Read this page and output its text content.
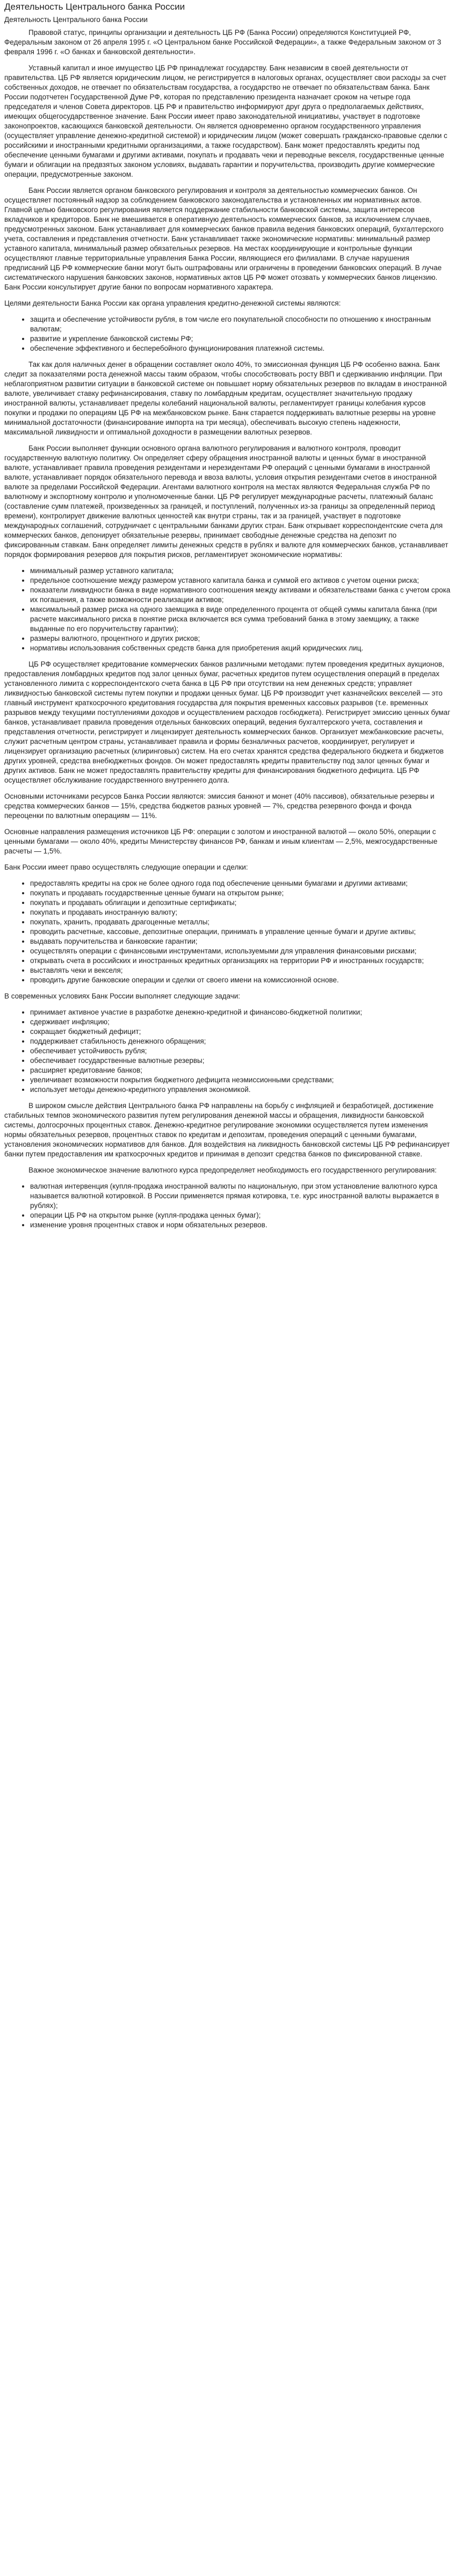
Деятельность Центрального банка России
Деятельность Центрального банка России

Правовой статус, принципы организации и деятельность ЦБ РФ (Банка России) определяются Конституцией РФ, Федеральным законом от 26 апреля 1995 г. «О Центральном банке Российской Федерации», а также Федеральным законом от 3 февраля 1996 г. «О банках и банковской деятельности».

Уставный капитал и иное имущество ЦБ РФ принадлежат государству. Банк независим в своей деятельности от правительства. ЦБ РФ является юридическим лицом, не регистрируется в налоговых органах, осуществляет свои расходы за счет собственных доходов, не отвечает по обязательствам государства, а государство не отвечает по обязательствам банка. Банк России подотчетен Государственной Думе РФ, которая по представлению президента назначает сроком на четыре года председателя и членов Совета директоров. ЦБ РФ и правительство информируют друг друга о предполагаемых действиях, имеющих общегосударственное значение. Банк России имеет право законодательной инициативы, участвует в подготовке законопроектов, касающихся банковской деятельности. Он является одновременно органом государственного управления (осуществляет управление денежно-кредитной системой) и юридическим лицом (может совершать гражданско-правовые сделки с российскими и иностранными кредитными организациями, а также государством). Банк может предоставлять кредиты под обеспечение ценными бумагами и другими активами, покупать и продавать чеки и переводные векселя, государственные ценные бумаги и облигации на предвзятых законом условиях, выдавать гарантии и поручительства, производить другие коммерческие операции, предусмотренные законом.

Банк России является органом банковского регулирования и контроля за деятельностью коммерческих банков. Он осуществляет постоянный надзор за соблюдением банковского законодательства и установленных им нормативных актов. Главной целью банковского регулирования является поддержание стабильности банковской системы, защита интересов вкладчиков и кредиторов. Банк не вмешивается в оперативную деятельность коммерческих банков, за исключением случаев, предусмотренных законом. Банк устанавливает для коммерческих банков правила ведения банковских операций, бухгалтерского учета, составления и представления отчетности. Банк устанавливает также экономические нормативы: минимальный размер уставного капитала, минимальный размер обязательных резервов. На местах координирующие и контрольные функции осуществляют главные территориальные управления Банка России, являющиеся его филиалами. В случае нарушения предписаний ЦБ РФ коммерческие банки могут быть оштрафованы или ограничены в проведении банковских операций. В лучае систематического нарушения банковских законов, нормативных актов ЦБ РФ может отозвать у коммерческих банков лицензию. Банк России консультирует другие банки по вопросам нормативного характера.

Целями деятельности Банка России как органа управления кредитно-денежной системы являются:

• защита и обеспечение устойчивости рубля, в том числе его покупательной способности по отношению к иностранным валютам;
• развитие и укрепление банковской системы РФ;
• обеспечение эффективного и бесперебойного функционирования платежной системы.

Так как доля наличных денег в обращении составляет около 40%, то эмиссионная функция ЦБ РФ особенно важна. Банк следит за показателями роста денежной массы таким образом, чтобы способствовать росту ВВП и сдерживанию инфляции. При неблагоприятном развитии ситуации в банковской системе он повышает норму обязательных резервов по вкладам в иностранной валюте, увеличивает ставку рефинансирования, ставку по ломбардным кредитам, осуществляет значительную продажу иностранной валюты, устанавливает пределы колебаний национальной валюты, регламентирует границы колебания курсов покупки и продажи по операциям ЦБ РФ на межбанковском рынке. Банк старается поддерживать валютные резервы на уровне минимальной достаточности (финансирование импорта на три месяца), обеспечивать высокую степень надежности, максимальной ликвидности и оптимальной доходности в размещении валютных резервов.

Банк России выполняет функции основного органа валютного регулирования и валютного контроля, проводит государственную валютную политику. Он определяет сферу обращения иностранной валюты и ценных бумаг в иностранной валюте, устанавливает правила проведения резидентами и нерезидентами РФ операций с ценными бумагами в иностранной валюте, устанавливает порядок обязательного перевода и ввоза валюты, условия открытия резидентами счетов в иностранной валюте за пределами Российской Федерации. Агентами валютного контроля на местах являются Федеральная служба РФ по валютному и экспортному контролю и уполномоченные банки. ЦБ РФ регулирует международные расчеты, платежный баланс (составление сумм платежей, произведенных за границей, и поступлений, полученных из-за границы за определенный период времени), контролирует движение валютных ценностей как внутри страны, так и за границей, участвует в подготовке международных соглашений, сотрудничает с центральными банками других стран. Банк открывает корреспондентские счета для коммерческих банков, депонирует обязательные резервы, принимает свободные денежные средства на депозит по фиксированным ставкам. Банк определяет лимиты денежных средств в рублях и валюте для коммерческих банков, устанавливает порядок формирования резервов для покрытия рисков, регламентирует экономические нормативы:

• минимальный размер уставного капитала;
• предельное соотношение между размером уставного капитала банка и суммой его активов с учетом оценки риска;
• показатели ликвидности банка в виде нормативного соотношения между активами и обязательствами банка с учетом срока их погашения, а также возможности реализации активов;
• максимальный размер риска на одного заемщика в виде определенного процента от общей суммы капитала банка (при расчете максимального риска в понятие риска включается вся сумма требований банка в этому заемщику, а также выданные по его поручительству гарантии);
• размеры валютного, процентного и других рисков;
• нормативы использования собственных средств банка для приобретения акций юридических лиц.

ЦБ РФ осуществляет кредитование коммерческих банков различными методами: путем проведения кредитных аукционов, предоставления ломбардных кредитов под залог ценных бумаг, расчетных кредитов путем осуществления операций в пределах установленного лимита с корреспондентского счета банка в ЦБ РФ при отсутствии на нем денежных средств; управляет ликвидностью банковской системы путем покупки и продажи ценных бумаг. ЦБ РФ производит учет казначейских векселей — это главный инструмент краткосрочного кредитования государства для покрытия временных кассовых разрывов (т.е. временных разрывов между текущими поступлениями доходов и осуществлением расходов госбюджета). Регистрирует эмиссию ценных бумаг банков, устанавливает правила проведения отдельных банковских операций, ведения бухгалтерского учета, составления и представления отчетности, регистрирует и лицензирует деятельность коммерческих банков. Организует межбанковские расчеты, служит расчетным центром страны, устанавливает правила и формы безналичных расчетов, координирует, регулирует и лицензирует организацию расчетных (клиринговых) систем. На его счетах хранятся средства федерального бюджета и бюджетов других уровней, средства внебюджетных фондов. Он может предоставлять кредиты правительству под залог ценных бумаг и других активов. Банк не может предоставлять правительству кредиты для финансирования бюджетного дефицита. ЦБ РФ осуществляет обслуживание государственного внутреннего долга.

Основными источниками ресурсов Банка России являются: эмиссия банкнот и монет (40% пассивов), обязательные резервы и средства коммерческих банков — 15%, средства бюджетов разных уровней — 7%, средства резервного фонда и фонда переоценки по валютным операциям — 11%.

Основные направления размещения источников ЦБ РФ: операции с золотом и иностранной валютой — около 50%, операции с ценными бумагами — около 40%, кредиты Министерству финансов РФ, банкам и иным клиентам — 2,5%, межгосударственные расчеты — 1,5%.

Банк России имеет право осуществлять следующие операции и сделки:

• предоставлять кредиты на срок не более одного года под обеспечение ценными бумагами и другими активами;
• покупать и продавать государственные ценные бумаги на открытом рынке;
• покупать и продавать облигации и депозитные сертификаты;
• покупать и продавать иностранную валюту;
• покупать, хранить, продавать драгоценные металлы;
• проводить расчетные, кассовые, депозитные операции, принимать в управление ценные бумаги и другие активы;
• выдавать поручительства и банковские гарантии;
• осуществлять операции с финансовыми инструментами, используемыми для управления финансовыми рисками;
• открывать счета в российских и иностранных кредитных организациях на территории РФ и иностранных государств;
• выставлять чеки и векселя;
• проводить другие банковские операции и сделки от своего имени на комиссионной основе.

В современных условиях Банк России выполняет следующие задачи:

• принимает активное участие в разработке денежно-кредитной и финансово-бюджетной политики;
• сдерживает инфляцию;
• сокращает бюджетный дефицит;
• поддерживает стабильность денежного обращения;
• обеспечивает устойчивость рубля;
• обеспечивает государственные валютные резервы;
• расширяет кредитование банков;
• увеличивает возможности покрытия бюджетного дефицита неэмиссионными средствами;
• использует методы денежно-кредитного управления экономикой.

В широком смысле действия Центрального банка РФ направлены на борьбу с инфляцией и безработицей, достижение стабильных темпов экономического развития путем регулирования денежной массы и обращения, ликвидности банковской системы, долгосрочных процентных ставок. Денежно-кредитное регулирование экономики осуществляется путем изменения нормы обязательных резервов, процентных ставок по кредитам и депозитам, проведения операций с ценными бумагами, установления экономических нормативов для банков. Для воздействия на ликвидность банковской системы ЦБ РФ рефинансирует банки путем предоставления им краткосрочных кредитов и принимая в депозит средства банков по фиксированной ставке.

Важное экономическое значение валютного курса предопределяет необходимость его государственного регулирования:

• валютная интервенция (купля-продажа иностранной валюты по национальную, при этом установление валютного курса называется валютной котировкой. В России применяется прямая котировка, т.е. курс иностранной валюты выражается в рублях);
• операции ЦБ РФ на открытом рынке (купля-продажа ценных бумаг);
• изменение уровня процентных ставок и норм обязательных резервов.
